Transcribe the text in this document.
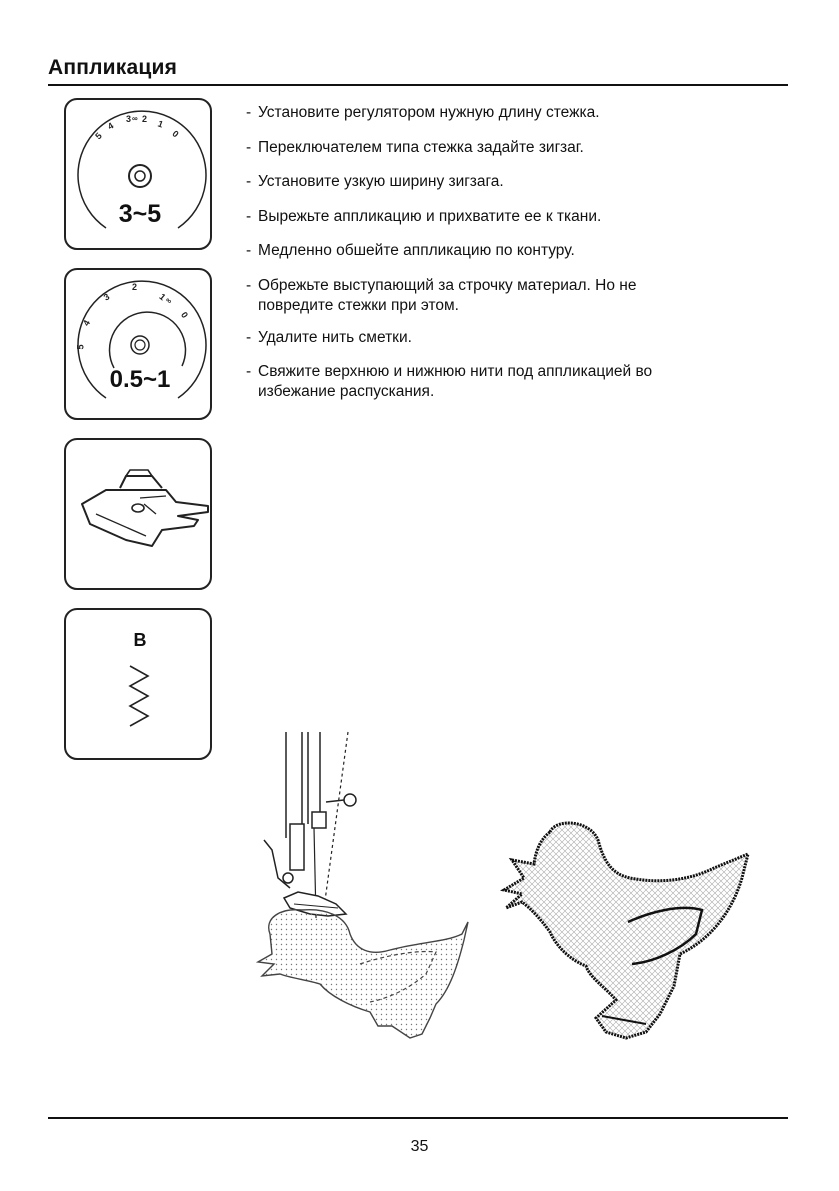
Аппликация
5
4
3 ∞ 2 1
0
3~5
5
4
3
2
1
∞
0
0.5~1
B
- Установите регулятором нужную длину стежка.
- Переключателем типа стежка задайте зигзаг.
- Установите узкую ширину зигзага.
- Вырежьте аппликацию и прихватите ее к ткани.
- Медленно обшейте аппликацию по контуру.
- Обрежьте выступающий за строчку материал. Но не
повредите стежки при этом.
- Удалите нить сметки.
- Свяжите верхнюю и нижнюю нити под аппликацией во
избежание распускания.
35
